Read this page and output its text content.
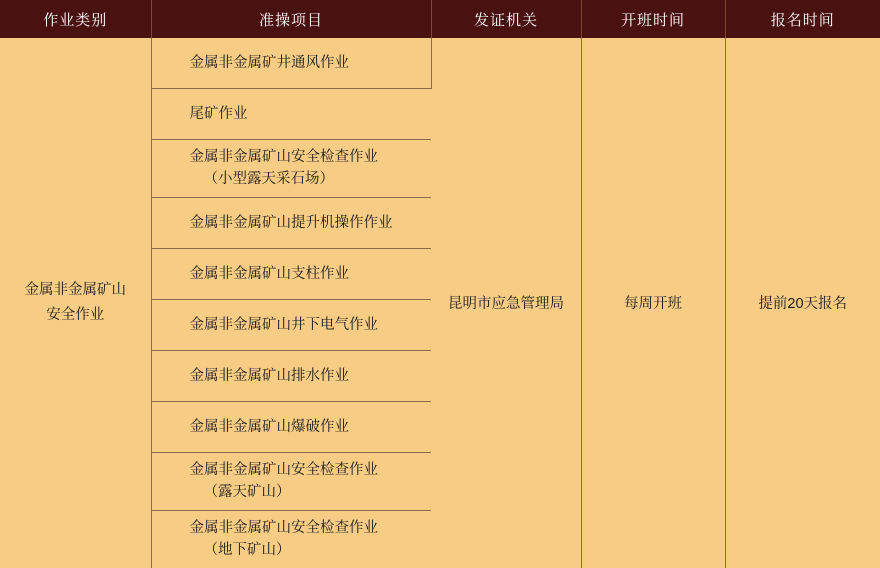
作业类别	准操项目	发证机关	开班时间	报名时间

金属非金属矿山
安全作业	金属非金属矿井通风作业	昆明市应急管理局	每周开班	提前20天报名
	尾矿作业			
	金属非金属矿山安全检查作业
（小型露天采石场）			

	金属非金属矿山提升机操作作业			
	金属非金属矿山支柱作业			
	金属非金属矿山井下电气作业			
	金属非金属矿山排水作业			
	金属非金属矿山爆破作业			
	金属非金属矿山安全检查作业
（露天矿山）			

	金属非金属矿山安全检查作业
（地下矿山）			
